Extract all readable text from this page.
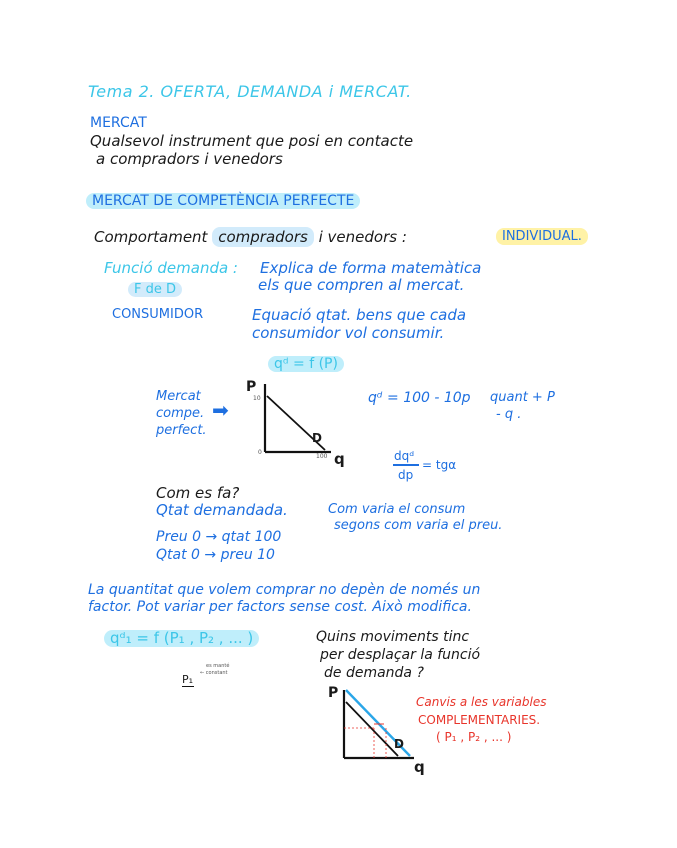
Tema 2. OFERTA, DEMANDA i MERCAT.
MERCAT
Qualsevol instrument que posi en contacte
a compradors i venedors
MERCAT DE COMPETÈNCIA PERFECTE
Comportament compradors i venedors :	INDIVIDUAL.
Funció demanda : Explica de forma matemàtica
els que compren al mercat.
F de D
CONSUMIDOR	Equació qtat. bens que cada
consumidor vol consumir.
qᵈ = f (P)
Mercat
compe.
perfect.
➡
P
q
D
10
100
0
qᵈ = 100 - 10p quant + P
- q .
dqᵈ
dp
= tgα
Com es fa?
Qtat demandada.	Com varia el consum
segons com varia el preu.
Preu 0 → qtat 100
Qtat 0 → preu 10
La quantitat que volem comprar no depèn de només un
factor. Pot variar per factors sense cost. Això modifica.
qᵈ₁ = f (P₁ , P₂ , ... )
P₁
es manté
← constant
Quins moviments tinc
per desplaçar la funció
de demanda ?
P
q
D
Canvis a les variables
COMPLEMENTARIES.
( P₁ , P₂ , ... )
